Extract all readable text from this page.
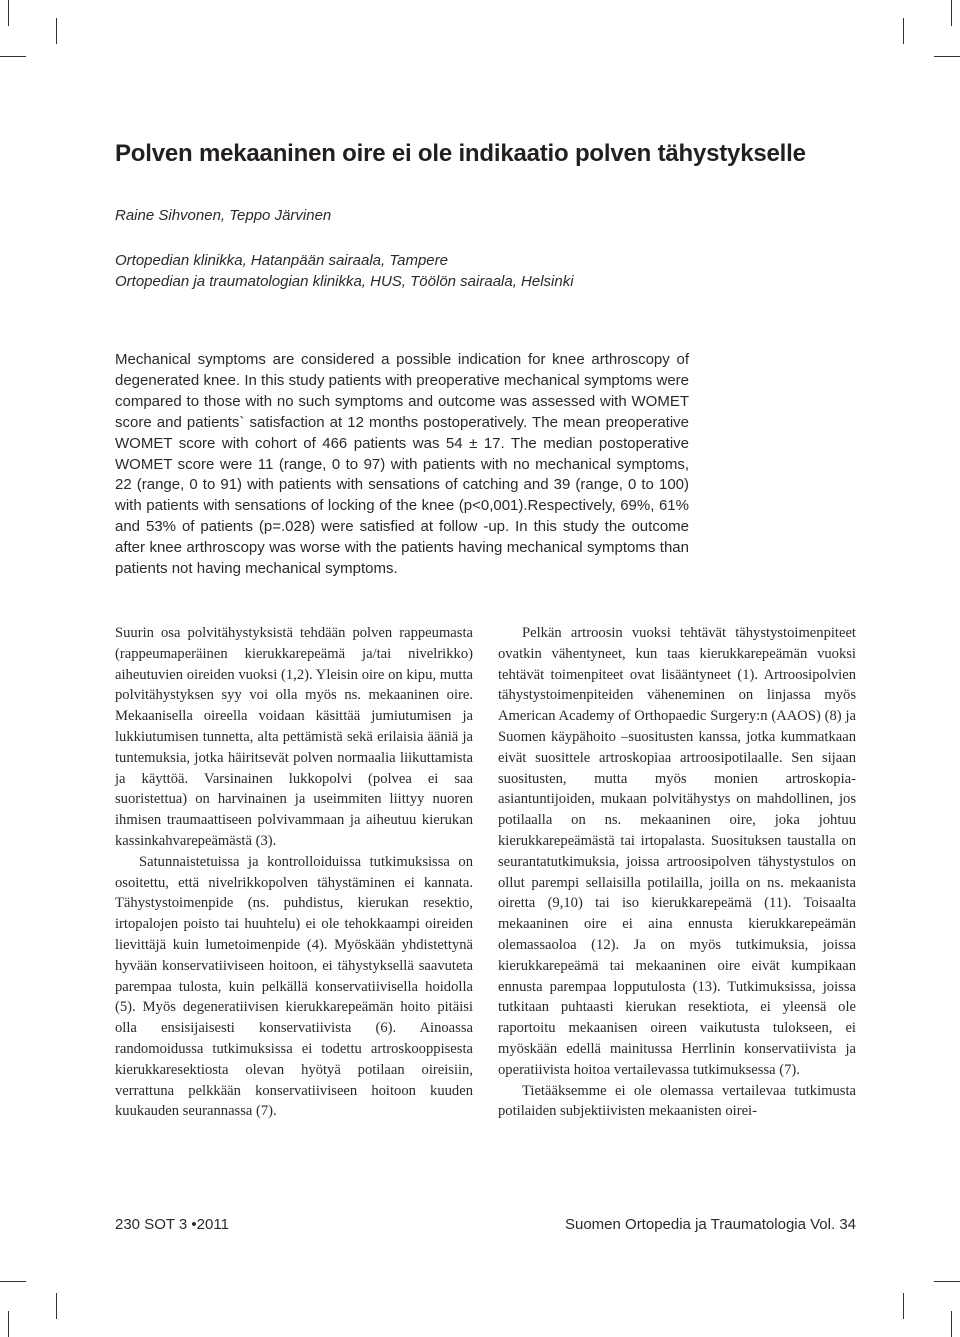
Polven mekaaninen oire ei ole indikaatio polven tähystykselle

Raine Sihvonen, Teppo Järvinen

Ortopedian klinikka, Hatanpään sairaala, Tampere
Ortopedian ja traumatologian klinikka, HUS, Töölön sairaala, Helsinki

Mechanical symptoms are considered a possible indication for knee arthroscopy of degenerated knee. In this study patients with preoperative mechanical symptoms were compared to those with no such symptoms and outcome was assessed with WOMET score and patients` satisfaction at 12 months postoperatively. The mean preoperative WOMET score with cohort of 466 patients was 54 ± 17. The median postoperative WOMET score were 11 (range, 0 to 97) with patients with no mechanical symptoms, 22 (range, 0 to 91) with patients with sensations of catching and 39 (range, 0 to 100) with patients with sensations of locking of the knee (p<0,001).Respectively, 69%, 61% and 53% of patients (p=.028) were satisfied at follow -up. In this study the outcome after knee arthroscopy was worse with the patients having mechanical symptoms than patients not having mechanical symptoms.

Suurin osa polvitähystyksistä tehdään polven rappeumasta (rappeumaperäinen kierukkarepeämä ja/tai nivelrikko) aiheutuvien oireiden vuoksi (1,2). Yleisin oire on kipu, mutta polvitähystyksen syy voi olla myös ns. mekaaninen oire. Mekaanisella oireella voidaan käsittää jumiutumisen ja lukkiutumisen tunnetta, alta pettämistä sekä erilaisia ääniä ja tuntemuksia, jotka häiritsevät polven normaalia liikuttamista ja käyttöä. Varsinainen lukkopolvi (polvea ei saa suoristettua) on harvinainen ja useimmiten liittyy nuoren ihmisen traumaattiseen polvivammaan ja aiheutuu kierukan kassinkahvarepeämästä (3).

Satunnaistetuissa ja kontrolloiduissa tutkimuksissa on osoitettu, että nivelrikkopolven tähystäminen ei kannata. Tähystystoimenpide (ns. puhdistus, kierukan resektio, irtopalojen poisto tai huuhtelu) ei ole tehokkaampi oireiden lievittäjä kuin lumetoimenpide (4). Myöskään yhdistettynä hyvään konservatiiviseen hoitoon, ei tähystyksellä saavuteta parempaa tulosta, kuin pelkällä konservatiivisella hoidolla (5). Myös degeneratiivisen kierukkarepeämän hoito pitäisi olla ensisijaisesti konservatiivista (6). Ainoassa randomoidussa tutkimuksissa ei todettu artroskooppisesta kierukkaresektiosta olevan hyötyä potilaan oireisiin, verrattuna pelkkään konservatiiviseen hoitoon kuuden kuukauden seurannassa (7).

Pelkän artroosin vuoksi tehtävät tähystystoimenpiteet ovatkin vähentyneet, kun taas kierukkarepeämän vuoksi tehtävät toimenpiteet ovat lisääntyneet (1). Artroosipolvien tähystystoimenpiteiden väheneminen on linjassa myös American Academy of Orthopaedic Surgery:n (AAOS) (8) ja Suomen käypähoito –suositusten kanssa, jotka kummatkaan eivät suosittele artroskopiaa artroosipotilaalle. Sen sijaan suositusten, mutta myös monien artroskopia-asiantuntijoiden, mukaan polvitähystys on mahdollinen, jos potilaalla on ns. mekaaninen oire, joka johtuu kierukkarepeämästä tai irtopalasta. Suosituksen taustalla on seurantatutkimuksia, joissa artroosipolven tähystystulos on ollut parempi sellaisilla potilailla, joilla on ns. mekaanista oiretta (9,10) tai iso kierukkarepeämä (11). Toisaalta mekaaninen oire ei aina ennusta kierukkarepeämän olemassaoloa (12). Ja on myös tutkimuksia, joissa kierukkarepeämä tai mekaaninen oire eivät kumpikaan ennusta parempaa lopputulosta (13). Tutkimuksissa, joissa tutkitaan puhtaasti kierukan resektiota, ei yleensä ole raportoitu mekaanisen oireen vaikutusta tulokseen, ei myöskään edellä mainitussa Herrlinin konservatiivista ja operatiivista hoitoa vertailevassa tutkimuksessa (7).

Tietääksemme ei ole olemassa vertailevaa tutkimusta potilaiden subjektiivisten mekaanisten oirei-

230 SOT 3 •2011	Suomen Ortopedia ja Traumatologia Vol. 34
